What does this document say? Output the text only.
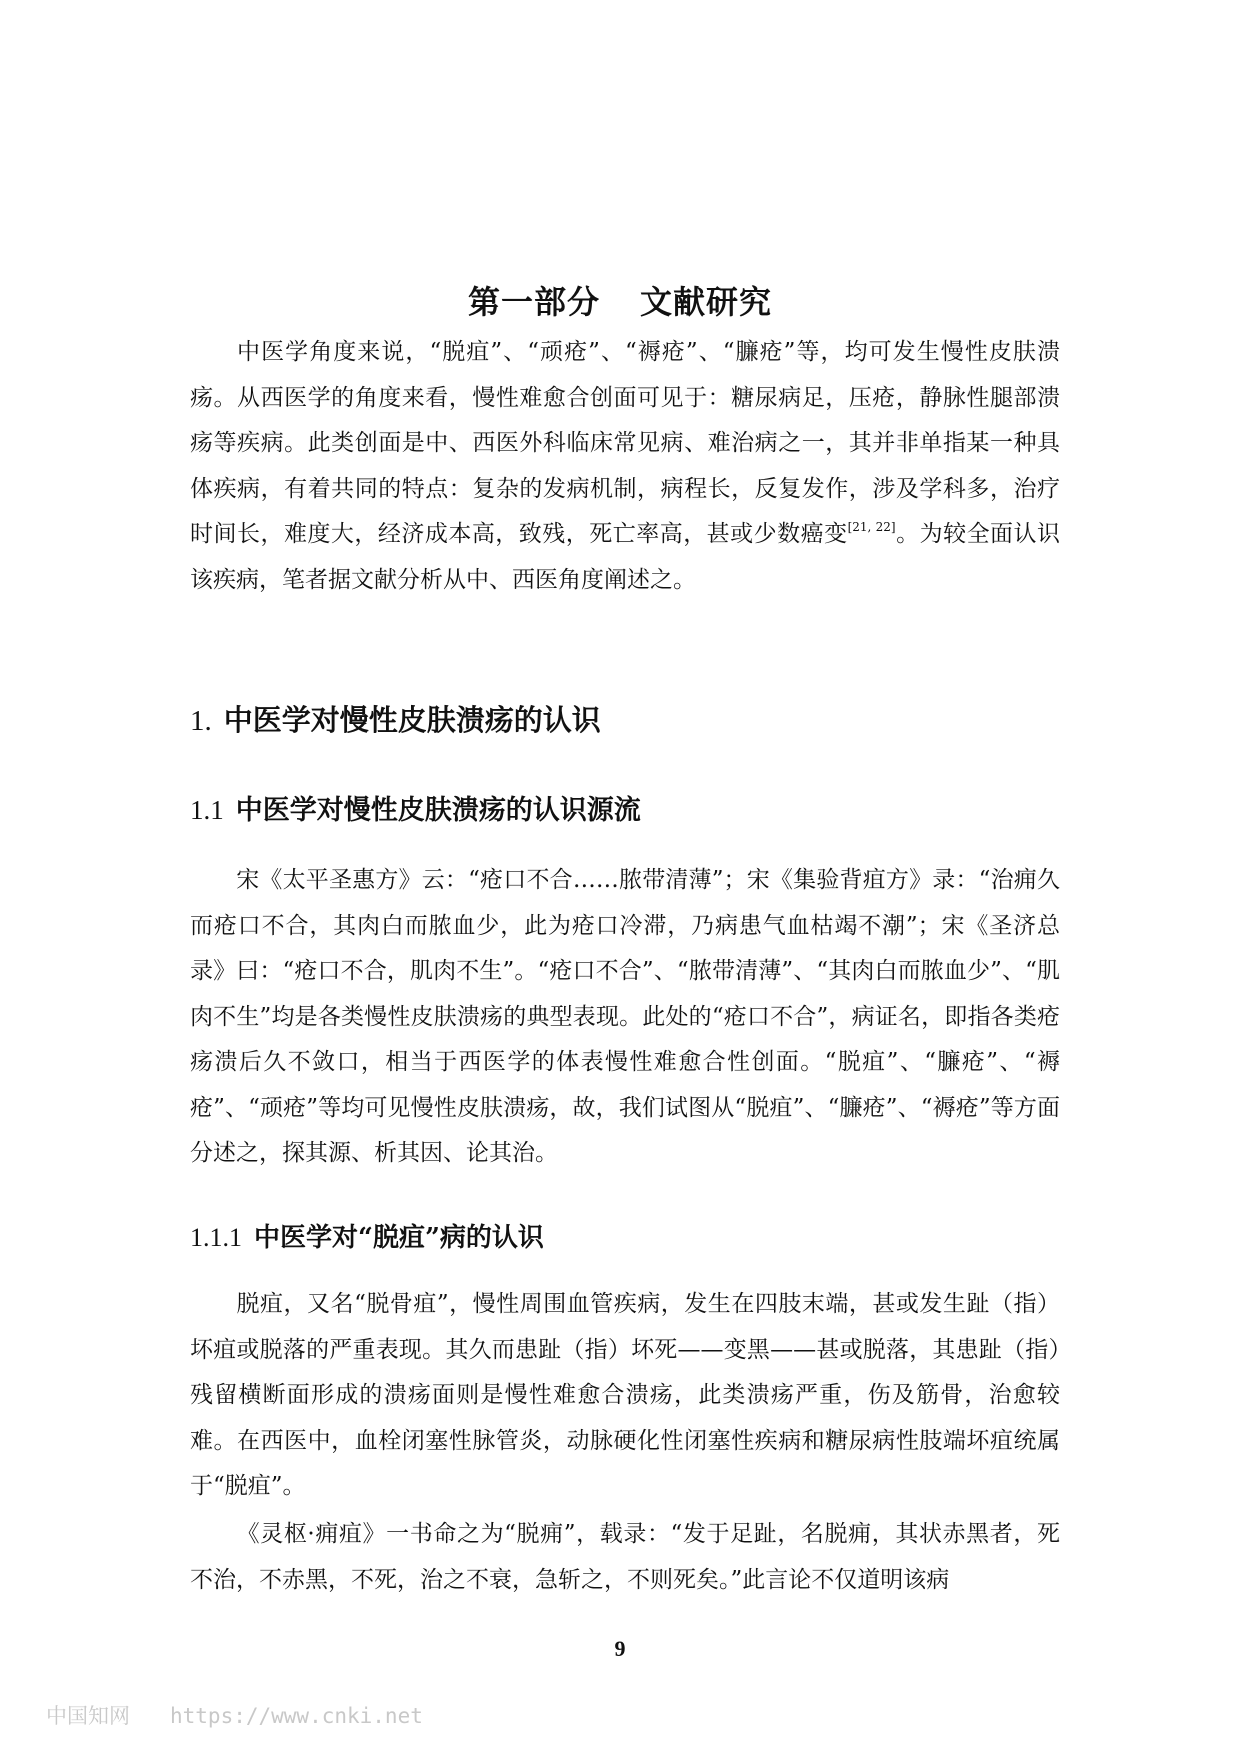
第一部分 文献研究

中医学角度来说，“脱疽”、“顽疮”、“褥疮”、“臁疮”等，均可发生慢性皮肤溃疡。从西医学的角度来看，慢性难愈合创面可见于：糖尿病足，压疮，静脉性腿部溃疡等疾病。此类创面是中、西医外科临床常见病、难治病之一，其并非单指某一种具体疾病，有着共同的特点：复杂的发病机制，病程长，反复发作，涉及学科多，治疗时间长，难度大，经济成本高，致残，死亡率高，甚或少数癌变[21, 22]。为较全面认识该疾病，笔者据文献分析从中、西医角度阐述之。

1. 中医学对慢性皮肤溃疡的认识
1.1 中医学对慢性皮肤溃疡的认识源流

宋《太平圣惠方》云：“疮口不合……脓带清薄”；宋《集验背疽方》录：“治痈久而疮口不合，其肉白而脓血少，此为疮口冷滞，乃病患气血枯竭不潮”；宋《圣济总录》曰：“疮口不合，肌肉不生”。“疮口不合”、“脓带清薄”、“其肉白而脓血少”、“肌肉不生”均是各类慢性皮肤溃疡的典型表现。此处的“疮口不合”，病证名，即指各类疮疡溃后久不敛口，相当于西医学的体表慢性难愈合性创面。“脱疽”、“臁疮”、“褥疮”、“顽疮”等均可见慢性皮肤溃疡，故，我们试图从“脱疽”、“臁疮”、“褥疮”等方面分述之，探其源、析其因、论其治。

1.1.1 中医学对“脱疽”病的认识

脱疽，又名“脱骨疽”，慢性周围血管疾病，发生在四肢末端，甚或发生趾（指）坏疽或脱落的严重表现。其久而患趾（指）坏死——变黑——甚或脱落，其患趾（指）残留横断面形成的溃疡面则是慢性难愈合溃疡，此类溃疡严重，伤及筋骨，治愈较难。在西医中，血栓闭塞性脉管炎，动脉硬化性闭塞性疾病和糖尿病性肢端坏疽统属于“脱疽”。

《灵枢·痈疽》一书命之为“脱痈”，载录：“发于足趾，名脱痈，其状赤黑者，死不治，不赤黑，不死，治之不衰，急斩之，不则死矣。”此言论不仅道明该病

9
中国知网 https://www.cnki.net
